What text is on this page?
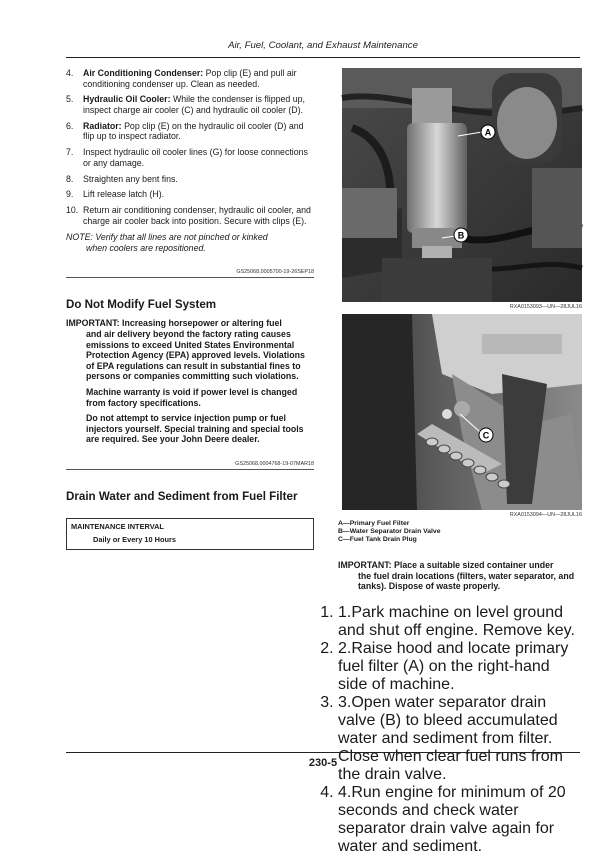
Air, Fuel, Coolant, and Exhaust Maintenance
4. Air Conditioning Condenser: Pop clip (E) and pull air conditioning condenser up. Clean as needed.
5. Hydraulic Oil Cooler: While the condenser is flipped up, inspect charge air cooler (C) and hydraulic oil cooler (D).
6. Radiator: Pop clip (E) on the hydraulic oil cooler (D) and flip up to inspect radiator.
7. Inspect hydraulic oil cooler lines (G) for loose connections or any damage.
8. Straighten any bent fins.
9. Lift release latch (H).
10. Return air conditioning condenser, hydraulic oil cooler, and charge air cooler back into position. Secure with clips (E).
NOTE: Verify that all lines are not pinched or kinked
when coolers are repositioned.
GS25068,0005700-19-26SEP18
Do Not Modify Fuel System
IMPORTANT: Increasing horsepower or altering fuel
and air delivery beyond the factory rating causes emissions to exceed United States Environmental Protection Agency (EPA) approved levels. Violations of EPA regulations can result in substantial fines to persons or companies committing such violations.

Machine warranty is void if power level is changed from factory specifications.

Do not attempt to service injection pump or fuel injectors yourself. Special training and special tools are required. See your John Deere dealer.

GS25068,0004768-19-07MAR18
Drain Water and Sediment from Fuel Filter
MAINTENANCE INTERVAL
Daily or Every 10 Hours
A
B
RXA0153093—UN—28JUL16
C
RXA0153094—UN—28JUL16
A—Primary Fuel Filter
B—Water Separator Drain Valve
C—Fuel Tank Drain Plug
IMPORTANT: Place a suitable sized container under
the fuel drain locations (filters, water separator, and tanks). Dispose of waste properly.
1. 1.Park machine on level ground and shut off engine. Remove key.
2. 2.Raise hood and locate primary fuel filter (A) on the right-hand side of machine.
3. 3.Open water separator drain valve (B) to bleed accumulated water and sediment from filter. Close when clear fuel runs from the drain valve.
4. 4.Run engine for minimum of 20 seconds and check water separator drain valve again for water and sediment.
230-5
